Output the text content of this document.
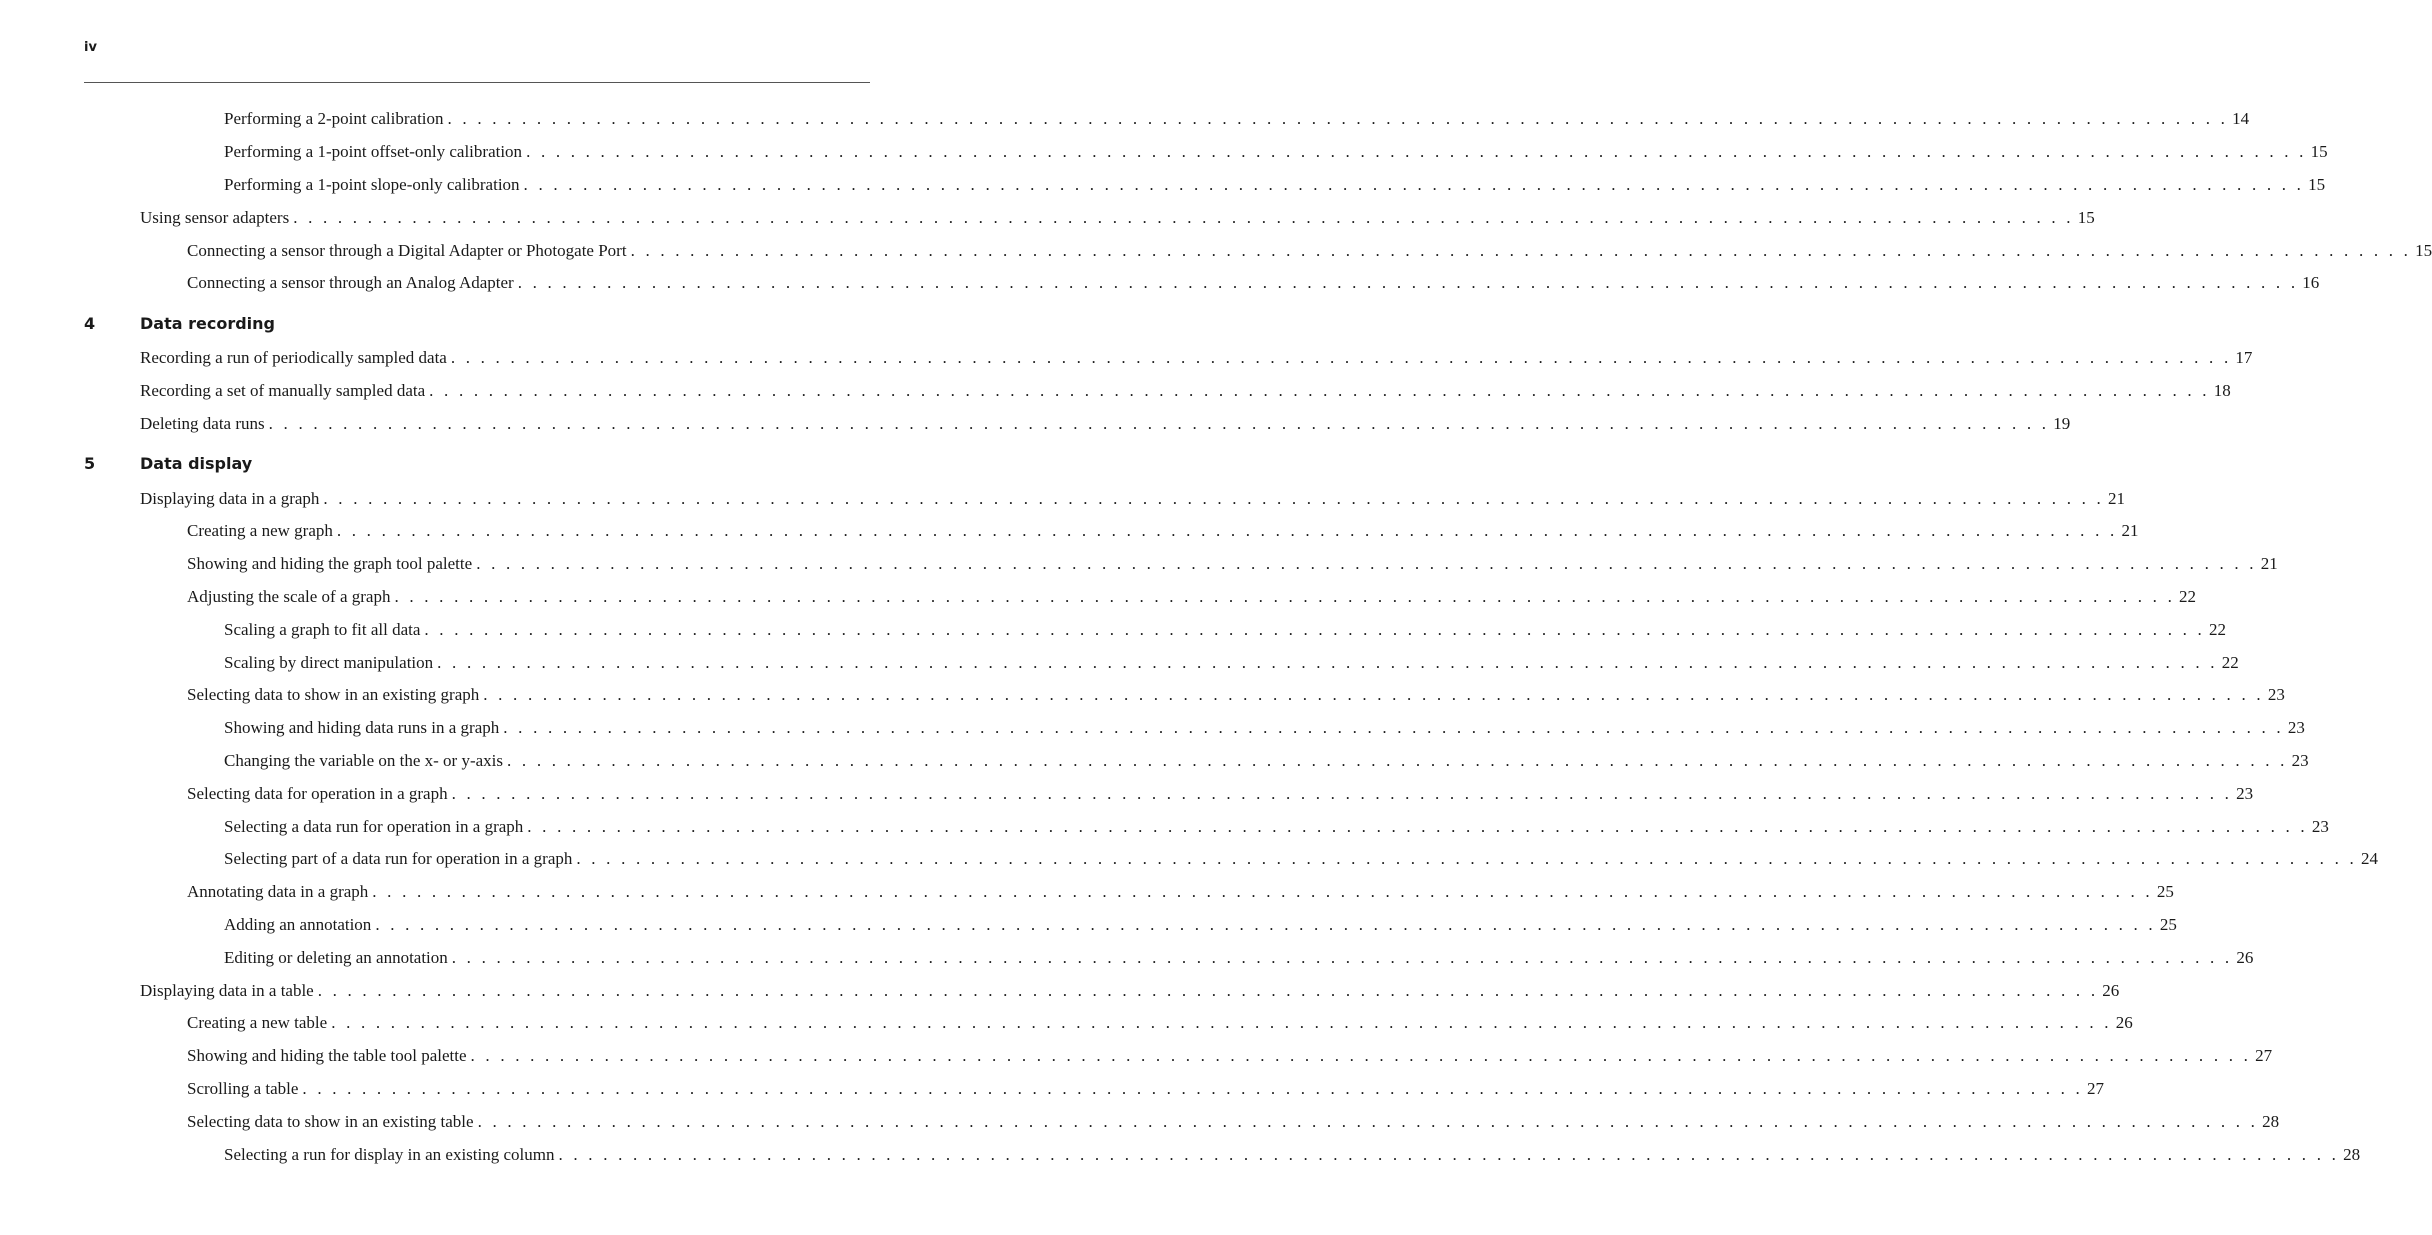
iv
Performing a 2-point calibration . . . . . . . . . . . . . . . . . . . . . . . . . . . . . . . . . . . . . . . . . . . . . . . . . . . . . . . . . . . . . . . . . . . . . . . . . . . . . . . . . . . . . . . . . . . . . . . . . . . . . . . . . . . . . . . . . . . . . . . . 14
Performing a 1-point offset-only calibration . . . . . . . . . . . . . . . . . . . . . . . . . . . . . . . . . . . . . . . . . . . . . . . . . . . . . . . . . . . . . . . . . . . . . . . . . . . . . . . . . . . . . . . . . . . . . . . . . . . . . . . . . . . . . . . . . . . . . . . . 15
Performing a 1-point slope-only calibration . . . . . . . . . . . . . . . . . . . . . . . . . . . . . . . . . . . . . . . . . . . . . . . . . . . . . . . . . . . . . . . . . . . . . . . . . . . . . . . . . . . . . . . . . . . . . . . . . . . . . . . . . . . . . . . . . . . . . . . . 15
Using sensor adapters . . . . . . . . . . . . . . . . . . . . . . . . . . . . . . . . . . . . . . . . . . . . . . . . . . . . . . . . . . . . . . . . . . . . . . . . . . . . . . . . . . . . . . . . . . . . . . . . . . . . . . . . . . . . . . . . . . . . . . . . 15
Connecting a sensor through a Digital Adapter or Photogate Port . . . . . . . . . . . . . . . . . . . . . . . . . . . . . . . . . . . . . . . . . . . . . . . . . . . . . . . . . . . . . . . . . . . . . . . . . . . . . . . . . . . . . . . . . . . . . . . . . . . . . . . . . . . . . . . . . . . . . . . . 15
Connecting a sensor through an Analog Adapter . . . . . . . . . . . . . . . . . . . . . . . . . . . . . . . . . . . . . . . . . . . . . . . . . . . . . . . . . . . . . . . . . . . . . . . . . . . . . . . . . . . . . . . . . . . . . . . . . . . . . . . . . . . . . . . . . . . . . . . . 16
4	Data recording
Recording a run of periodically sampled data . . . . . . . . . . . . . . . . . . . . . . . . . . . . . . . . . . . . . . . . . . . . . . . . . . . . . . . . . . . . . . . . . . . . . . . . . . . . . . . . . . . . . . . . . . . . . . . . . . . . . . . . . . . . . . . . . . . . . . . . 17
Recording a set of manually sampled data . . . . . . . . . . . . . . . . . . . . . . . . . . . . . . . . . . . . . . . . . . . . . . . . . . . . . . . . . . . . . . . . . . . . . . . . . . . . . . . . . . . . . . . . . . . . . . . . . . . . . . . . . . . . . . . . . . . . . . . . 18
Deleting data runs . . . . . . . . . . . . . . . . . . . . . . . . . . . . . . . . . . . . . . . . . . . . . . . . . . . . . . . . . . . . . . . . . . . . . . . . . . . . . . . . . . . . . . . . . . . . . . . . . . . . . . . . . . . . . . . . . . . . . . . . 19
5	Data display
Displaying data in a graph . . . . . . . . . . . . . . . . . . . . . . . . . . . . . . . . . . . . . . . . . . . . . . . . . . . . . . . . . . . . . . . . . . . . . . . . . . . . . . . . . . . . . . . . . . . . . . . . . . . . . . . . . . . . . . . . . . . . . . . . 21
Creating a new graph . . . . . . . . . . . . . . . . . . . . . . . . . . . . . . . . . . . . . . . . . . . . . . . . . . . . . . . . . . . . . . . . . . . . . . . . . . . . . . . . . . . . . . . . . . . . . . . . . . . . . . . . . . . . . . . . . . . . . . . . 21
Showing and hiding the graph tool palette . . . . . . . . . . . . . . . . . . . . . . . . . . . . . . . . . . . . . . . . . . . . . . . . . . . . . . . . . . . . . . . . . . . . . . . . . . . . . . . . . . . . . . . . . . . . . . . . . . . . . . . . . . . . . . . . . . . . . . . . 21
Adjusting the scale of a graph . . . . . . . . . . . . . . . . . . . . . . . . . . . . . . . . . . . . . . . . . . . . . . . . . . . . . . . . . . . . . . . . . . . . . . . . . . . . . . . . . . . . . . . . . . . . . . . . . . . . . . . . . . . . . . . . . . . . . . . . 22
Scaling a graph to fit all data . . . . . . . . . . . . . . . . . . . . . . . . . . . . . . . . . . . . . . . . . . . . . . . . . . . . . . . . . . . . . . . . . . . . . . . . . . . . . . . . . . . . . . . . . . . . . . . . . . . . . . . . . . . . . . . . . . . . . . . . 22
Scaling by direct manipulation . . . . . . . . . . . . . . . . . . . . . . . . . . . . . . . . . . . . . . . . . . . . . . . . . . . . . . . . . . . . . . . . . . . . . . . . . . . . . . . . . . . . . . . . . . . . . . . . . . . . . . . . . . . . . . . . . . . . . . . . 22
Selecting data to show in an existing graph . . . . . . . . . . . . . . . . . . . . . . . . . . . . . . . . . . . . . . . . . . . . . . . . . . . . . . . . . . . . . . . . . . . . . . . . . . . . . . . . . . . . . . . . . . . . . . . . . . . . . . . . . . . . . . . . . . . . . . . . 23
Showing and hiding data runs in a graph . . . . . . . . . . . . . . . . . . . . . . . . . . . . . . . . . . . . . . . . . . . . . . . . . . . . . . . . . . . . . . . . . . . . . . . . . . . . . . . . . . . . . . . . . . . . . . . . . . . . . . . . . . . . . . . . . . . . . . . . 23
Changing the variable on the x- or y-axis . . . . . . . . . . . . . . . . . . . . . . . . . . . . . . . . . . . . . . . . . . . . . . . . . . . . . . . . . . . . . . . . . . . . . . . . . . . . . . . . . . . . . . . . . . . . . . . . . . . . . . . . . . . . . . . . . . . . . . . . 23
Selecting data for operation in a graph . . . . . . . . . . . . . . . . . . . . . . . . . . . . . . . . . . . . . . . . . . . . . . . . . . . . . . . . . . . . . . . . . . . . . . . . . . . . . . . . . . . . . . . . . . . . . . . . . . . . . . . . . . . . . . . . . . . . . . . . 23
Selecting a data run for operation in a graph . . . . . . . . . . . . . . . . . . . . . . . . . . . . . . . . . . . . . . . . . . . . . . . . . . . . . . . . . . . . . . . . . . . . . . . . . . . . . . . . . . . . . . . . . . . . . . . . . . . . . . . . . . . . . . . . . . . . . . . . 23
Selecting part of a data run for operation in a graph . . . . . . . . . . . . . . . . . . . . . . . . . . . . . . . . . . . . . . . . . . . . . . . . . . . . . . . . . . . . . . . . . . . . . . . . . . . . . . . . . . . . . . . . . . . . . . . . . . . . . . . . . . . . . . . . . . . . . . . . 24
Annotating data in a graph . . . . . . . . . . . . . . . . . . . . . . . . . . . . . . . . . . . . . . . . . . . . . . . . . . . . . . . . . . . . . . . . . . . . . . . . . . . . . . . . . . . . . . . . . . . . . . . . . . . . . . . . . . . . . . . . . . . . . . . . 25
Adding an annotation . . . . . . . . . . . . . . . . . . . . . . . . . . . . . . . . . . . . . . . . . . . . . . . . . . . . . . . . . . . . . . . . . . . . . . . . . . . . . . . . . . . . . . . . . . . . . . . . . . . . . . . . . . . . . . . . . . . . . . . . 25
Editing or deleting an annotation . . . . . . . . . . . . . . . . . . . . . . . . . . . . . . . . . . . . . . . . . . . . . . . . . . . . . . . . . . . . . . . . . . . . . . . . . . . . . . . . . . . . . . . . . . . . . . . . . . . . . . . . . . . . . . . . . . . . . . . . 26
Displaying data in a table . . . . . . . . . . . . . . . . . . . . . . . . . . . . . . . . . . . . . . . . . . . . . . . . . . . . . . . . . . . . . . . . . . . . . . . . . . . . . . . . . . . . . . . . . . . . . . . . . . . . . . . . . . . . . . . . . . . . . . . . 26
Creating a new table . . . . . . . . . . . . . . . . . . . . . . . . . . . . . . . . . . . . . . . . . . . . . . . . . . . . . . . . . . . . . . . . . . . . . . . . . . . . . . . . . . . . . . . . . . . . . . . . . . . . . . . . . . . . . . . . . . . . . . . . 26
Showing and hiding the table tool palette . . . . . . . . . . . . . . . . . . . . . . . . . . . . . . . . . . . . . . . . . . . . . . . . . . . . . . . . . . . . . . . . . . . . . . . . . . . . . . . . . . . . . . . . . . . . . . . . . . . . . . . . . . . . . . . . . . . . . . . . 27
Scrolling a table . . . . . . . . . . . . . . . . . . . . . . . . . . . . . . . . . . . . . . . . . . . . . . . . . . . . . . . . . . . . . . . . . . . . . . . . . . . . . . . . . . . . . . . . . . . . . . . . . . . . . . . . . . . . . . . . . . . . . . . . 27
Selecting data to show in an existing table . . . . . . . . . . . . . . . . . . . . . . . . . . . . . . . . . . . . . . . . . . . . . . . . . . . . . . . . . . . . . . . . . . . . . . . . . . . . . . . . . . . . . . . . . . . . . . . . . . . . . . . . . . . . . . . . . . . . . . . . 28
Selecting a run for display in an existing column . . . . . . . . . . . . . . . . . . . . . . . . . . . . . . . . . . . . . . . . . . . . . . . . . . . . . . . . . . . . . . . . . . . . . . . . . . . . . . . . . . . . . . . . . . . . . . . . . . . . . . . . . . . . . . . . . . . . . . . . 28
